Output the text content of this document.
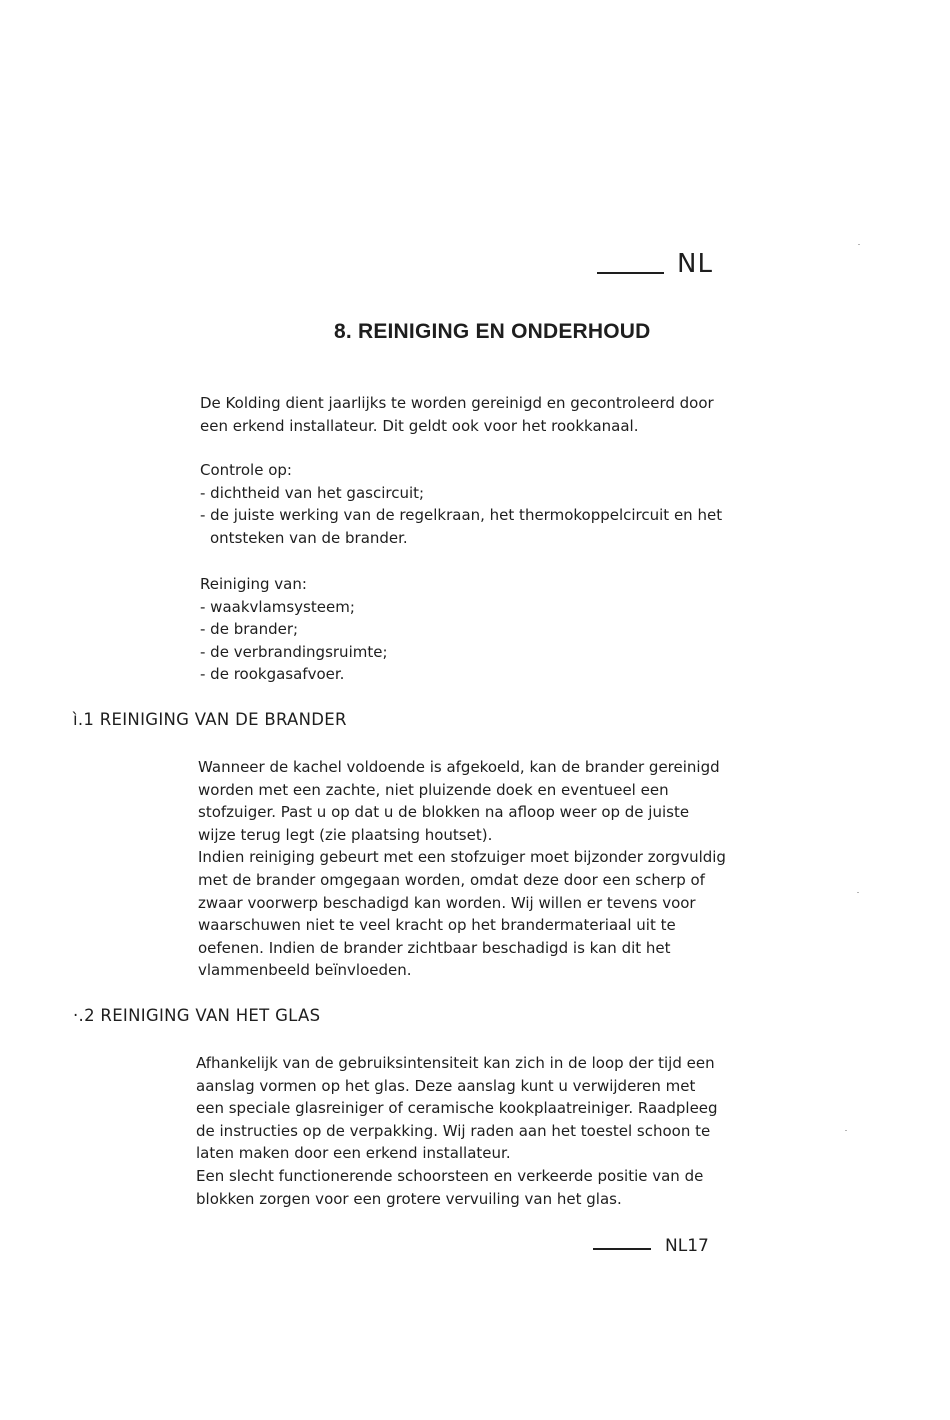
NL
8. REINIGING EN ONDERHOUD
De Kolding dient jaarlijks te worden gereinigd en gecontroleerd door
een erkend installateur. Dit geldt ook voor het rookkanaal.
Controle op:
- dichtheid van het gascircuit;
- de juiste werking van de regelkraan, het thermokoppelcircuit en het
ontsteken van de brander.
Reiniging van:
- waakvlamsysteem;
- de brander;
- de verbrandingsruimte;
- de rookgasafvoer.
ì.1 REINIGING VAN DE BRANDER
Wanneer de kachel voldoende is afgekoeld, kan de brander gereinigd
worden met een zachte, niet pluizende doek en eventueel een
stofzuiger. Past u op dat u de blokken na afloop weer op de juiste
wijze terug legt (zie plaatsing houtset).
Indien reiniging gebeurt met een stofzuiger moet bijzonder zorgvuldig
met de brander omgegaan worden, omdat deze door een scherp of
zwaar voorwerp beschadigd kan worden. Wij willen er tevens voor
waarschuwen niet te veel kracht op het brandermateriaal uit te
oefenen. Indien de brander zichtbaar beschadigd is kan dit het
vlammenbeeld beïnvloeden.
·.2 REINIGING VAN HET GLAS
Afhankelijk van de gebruiksintensiteit kan zich in de loop der tijd een
aanslag vormen op het glas. Deze aanslag kunt u verwijderen met
een speciale glasreiniger of ceramische kookplaatreiniger. Raadpleeg
de instructies op de verpakking. Wij raden aan het toestel schoon te
laten maken door een erkend installateur.
Een slecht functionerende schoorsteen en verkeerde positie van de
blokken zorgen voor een grotere vervuiling van het glas.
NL17
